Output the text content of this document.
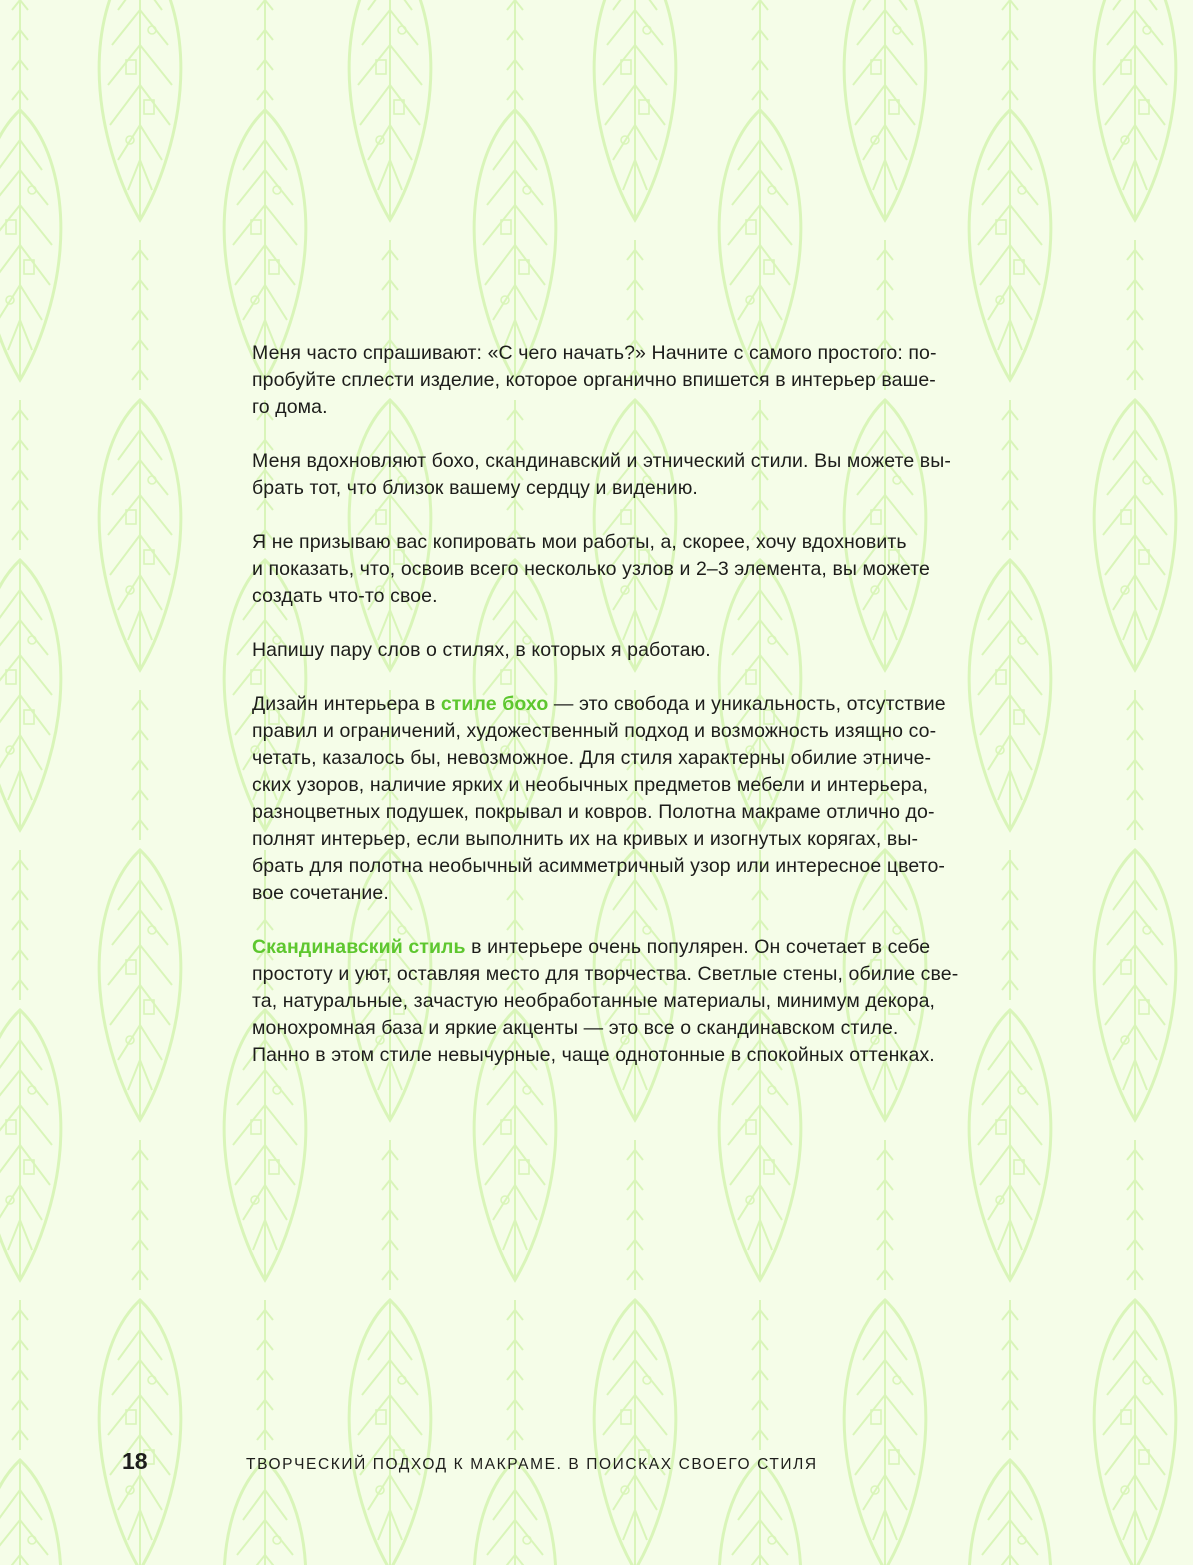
Меня часто спрашивают: «С чего начать?» Начните с самого простого: по-
пробуйте сплести изделие, которое органично впишется в интерьер ваше-
го дома.

Меня вдохновляют бохо, скандинавский и этнический стили. Вы можете вы-
брать тот, что близок вашему сердцу и видению.

Я не призываю вас копировать мои работы, а, скорее, хочу вдохновить
и показать, что, освоив всего несколько узлов и 2–3 элемента, вы можете
создать что-то свое.

Напишу пару слов о стилях, в которых я работаю.

Дизайн интерьера в стиле бохо — это свобода и уникальность, отсутствие
правил и ограничений, художественный подход и возможность изящно со-
четать, казалось бы, невозможное. Для стиля характерны обилие этниче-
ских узоров, наличие ярких и необычных предметов мебели и интерьера,
разноцветных подушек, покрывал и ковров. Полотна макраме отлично до-
полнят интерьер, если выполнить их на кривых и изогнутых корягах, вы-
брать для полотна необычный асимметричный узор или интересное цвето-
вое сочетание.

Скандинавский стиль в интерьере очень популярен. Он сочетает в себе
простоту и уют, оставляя место для творчества. Светлые стены, обилие све-
та, натуральные, зачастую необработанные материалы, минимум декора,
монохромная база и яркие акценты — это все о скандинавском стиле.
Панно в этом стиле невычурные, чаще однотонные в спокойных оттенках.

18	ТВОРЧЕСКИЙ ПОДХОД К МАКРАМЕ. В ПОИСКАХ СВОЕГО СТИЛЯ
